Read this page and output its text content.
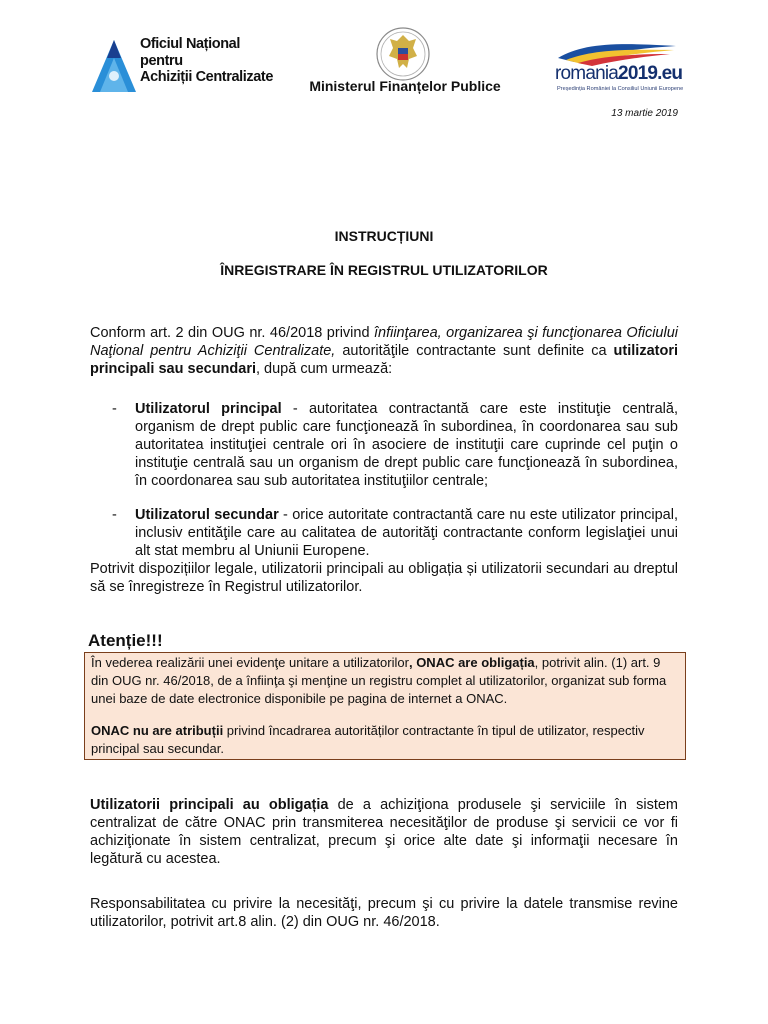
Oficiul Național
pentru
Achiziții Centralizate
Ministerul Finanțelor Publice
romania2019.eu
Președinția României la Consiliul Uniunii Europene
13 martie 2019
INSTRUCȚIUNI
ÎNREGISTRARE ÎN REGISTRUL UTILIZATORILOR
Conform art. 2 din OUG nr. 46/2018 privind înfiinţarea, organizarea şi funcţionarea Oficiului Naţional pentru Achiziţii Centralizate, autorităţile contractante sunt definite ca utilizatori principali sau secundari, după cum urmează:
- Utilizatorul principal - autoritatea contractantă care este instituţie centrală, organism de drept public care funcţionează în subordinea, în coordonarea sau sub autoritatea instituţiei centrale ori în asociere de instituţii care cuprinde cel puţin o instituţie centrală sau un organism de drept public care funcţionează în subordinea, în coordonarea sau sub autoritatea instituţiilor centrale;
- Utilizatorul secundar - orice autoritate contractantă care nu este utilizator principal, inclusiv entităţile care au calitatea de autorităţi contractante conform legislaţiei unui alt stat membru al Uniunii Europene.
Potrivit dispozițiilor legale, utilizatorii principali au obligația și utilizatorii secundari au dreptul să se înregistreze în Registrul utilizatorilor.
Atenție!!!
În vederea realizării unei evidenţe unitare a utilizatorilor, ONAC are obligația, potrivit alin. (1) art. 9 din OUG nr. 46/2018, de a înfiinţa şi menţine un registru complet al utilizatorilor, organizat sub forma unei baze de date electronice disponibile pe pagina de internet a ONAC.
ONAC nu are atribuții privind încadrarea autorităților contractante în tipul de utilizator, respectiv principal sau secundar.
Utilizatorii principali au obligația de a achiziţiona produsele şi serviciile în sistem centralizat de către ONAC prin transmiterea necesităţilor de produse şi servicii ce vor fi achiziţionate în sistem centralizat, precum şi orice alte date şi informaţii necesare în legătură cu acestea.
Responsabilitatea cu privire la necesităţi, precum şi cu privire la datele transmise revine utilizatorilor, potrivit art.8 alin. (2) din OUG nr. 46/2018.
